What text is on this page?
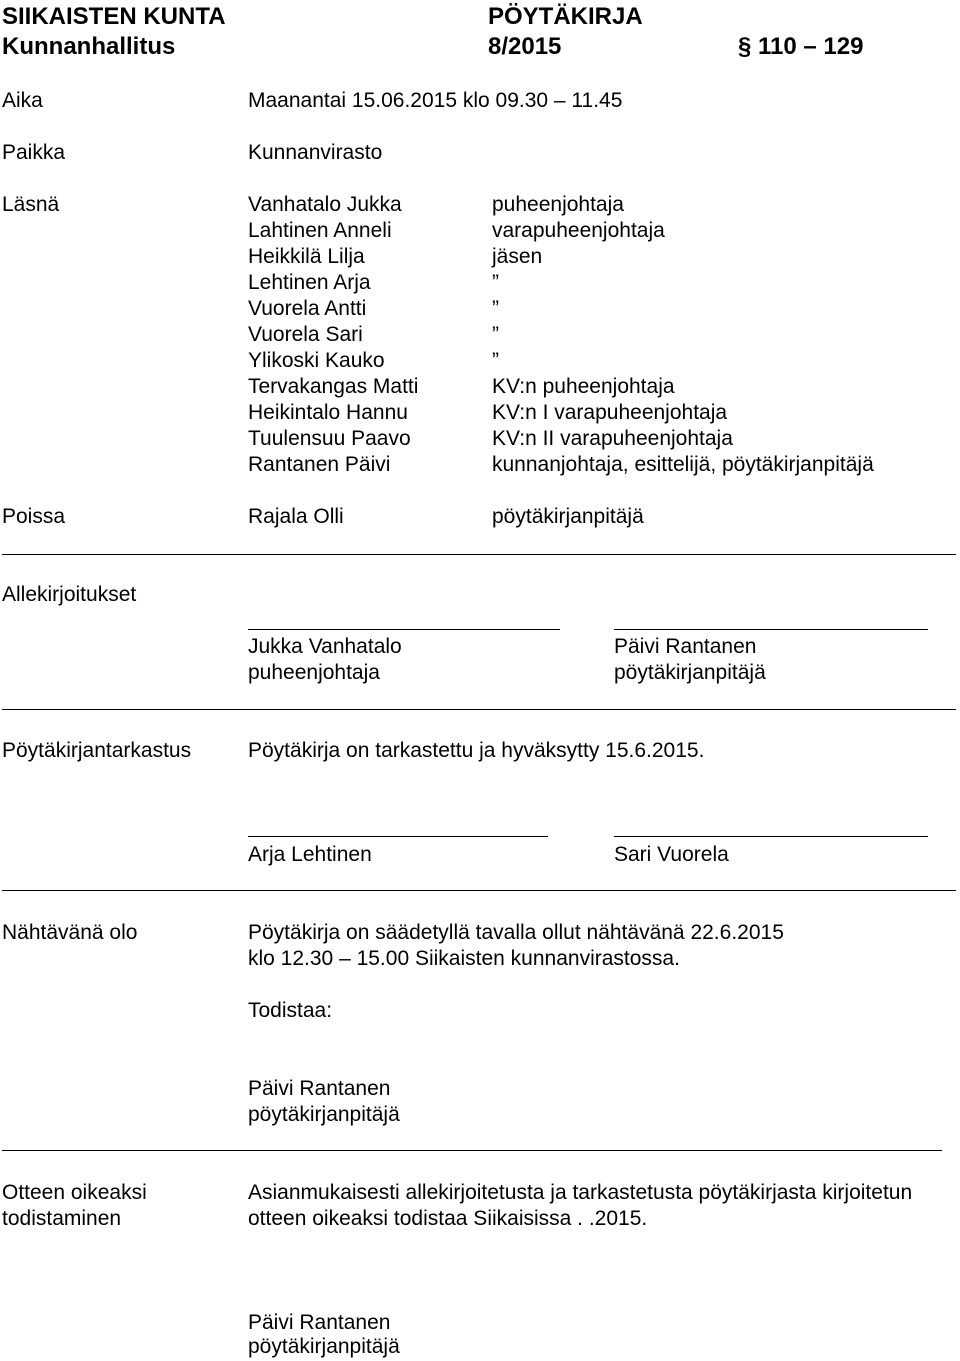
SIIKAISTEN KUNTA
Kunnanhallitus
PÖYTÄKIRJA
8/2015	§ 110 – 129
Aika	Maanantai 15.06.2015 klo 09.30 – 11.45
Paikka	Kunnanvirasto
Läsnä	Vanhatalo Jukka	puheenjohtaja
Lahtinen Anneli	varapuheenjohtaja
Heikkilä Lilja	jäsen
Lehtinen Arja	”
Vuorela Antti	”
Vuorela Sari	”
Ylikoski Kauko	”
Tervakangas Matti	KV:n puheenjohtaja
Heikintalo Hannu	KV:n I varapuheenjohtaja
Tuulensuu Paavo	KV:n II varapuheenjohtaja
Rantanen Päivi	kunnanjohtaja, esittelijä, pöytäkirjanpitäjä
Poissa	Rajala Olli	pöytäkirjanpitäjä
Allekirjoitukset
Jukka Vanhatalo
puheenjohtaja
Päivi Rantanen
pöytäkirjanpitäjä
Pöytäkirjantarkastus	Pöytäkirja on tarkastettu ja hyväksytty 15.6.2015.
Arja Lehtinen	Sari Vuorela
Nähtävänä olo	Pöytäkirja on säädetyllä tavalla ollut nähtävänä 22.6.2015
klo 12.30 – 15.00 Siikaisten kunnanvirastossa.
Todistaa:
Päivi Rantanen
pöytäkirjanpitäjä
Otteen oikeaksi
todistaminen
Asianmukaisesti allekirjoitetusta ja tarkastetusta pöytäkirjasta kirjoitetun
otteen oikeaksi todistaa Siikaisissa . .2015.
Päivi Rantanen
pöytäkirjanpitäjä
